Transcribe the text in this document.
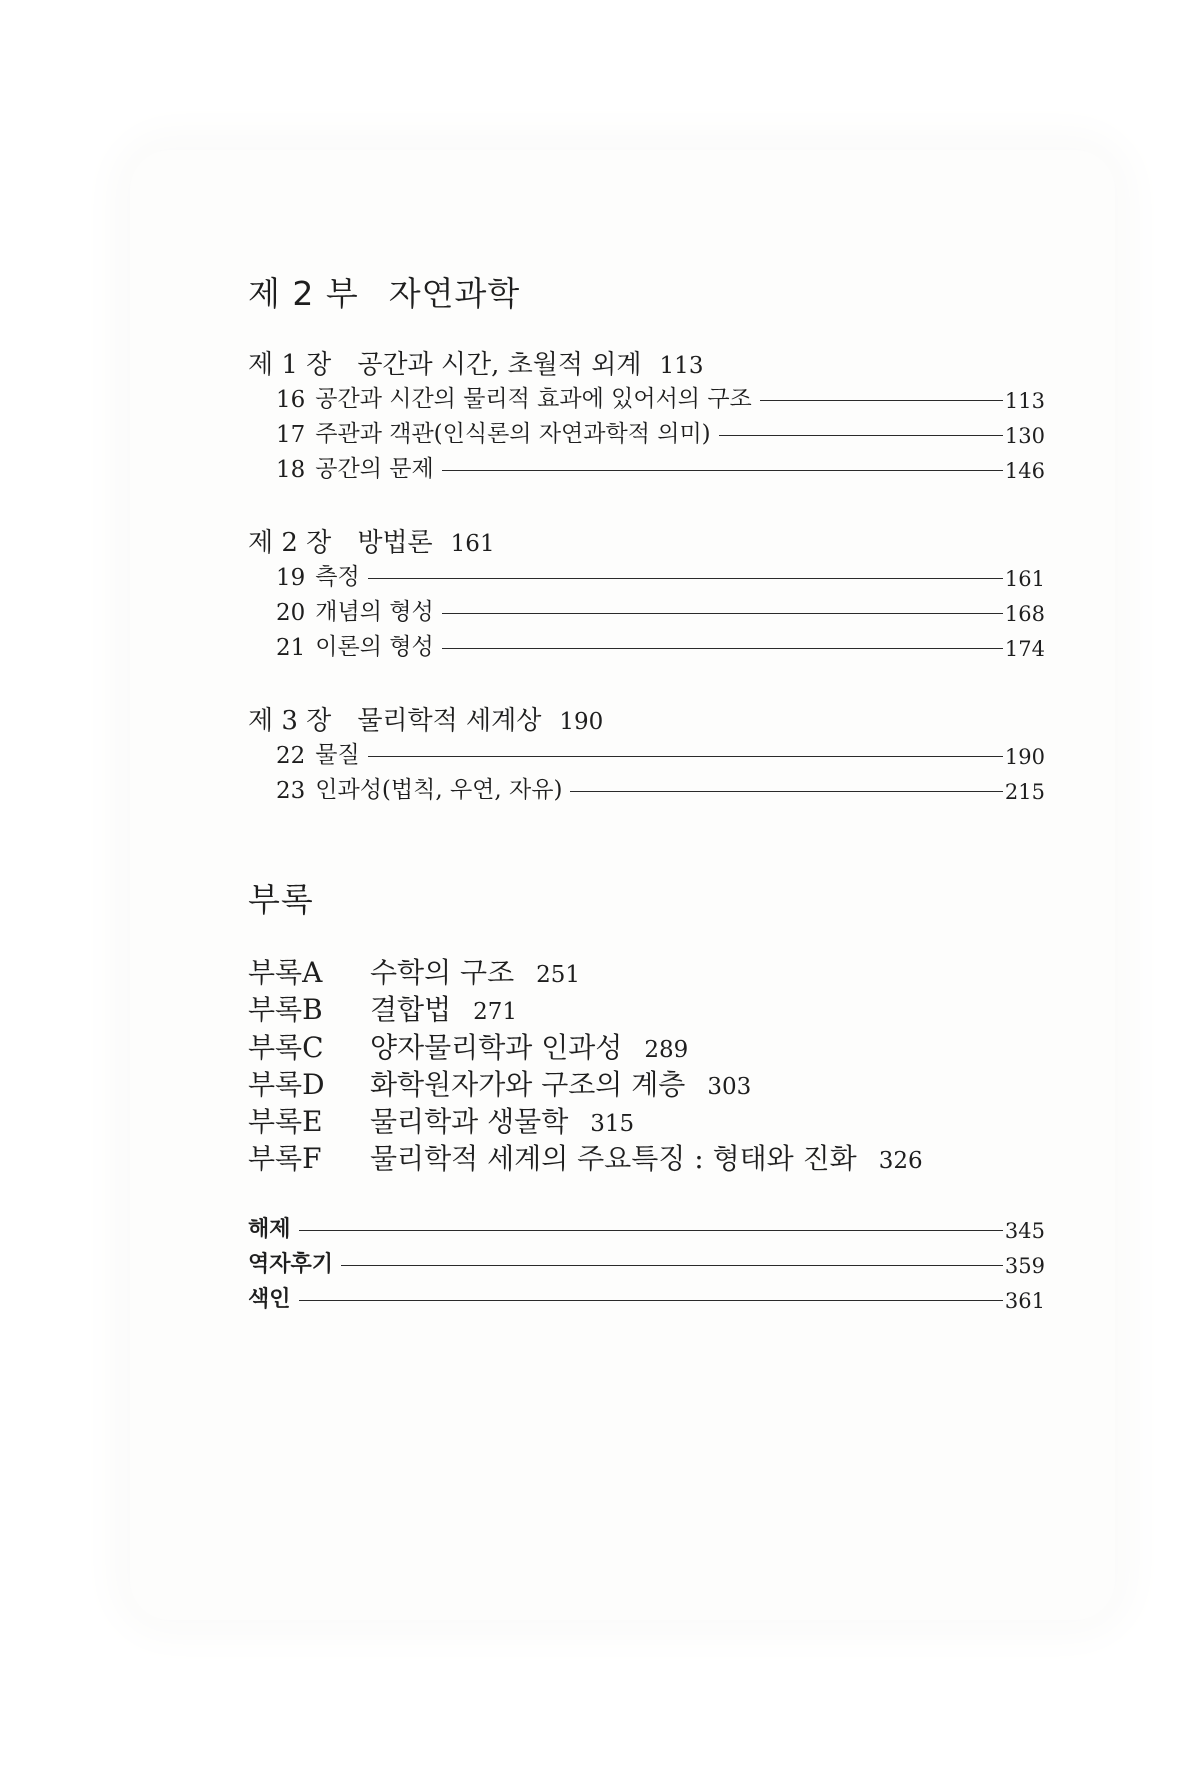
제 2 부 자연과학
제 1 장 공간과 시간, 초월적 외계 113
16 공간과 시간의 물리적 효과에 있어서의 구조	113
17 주관과 객관(인식론의 자연과학적 의미)	130
18 공간의 문제	146
제 2 장 방법론 161
19 측정	161
20 개념의 형성	168
21 이론의 형성	174
제 3 장 물리학적 세계상 190
22 물질	190
23 인과성(법칙, 우연, 자유)	215
부록
부록A 수학의 구조 251
부록B 결합법 271
부록C 양자물리학과 인과성 289
부록D 화학원자가와 구조의 계층 303
부록E 물리학과 생물학 315
부록F 물리학적 세계의 주요특징 : 형태와 진화 326
해제	345
역자후기	359
색인	361
